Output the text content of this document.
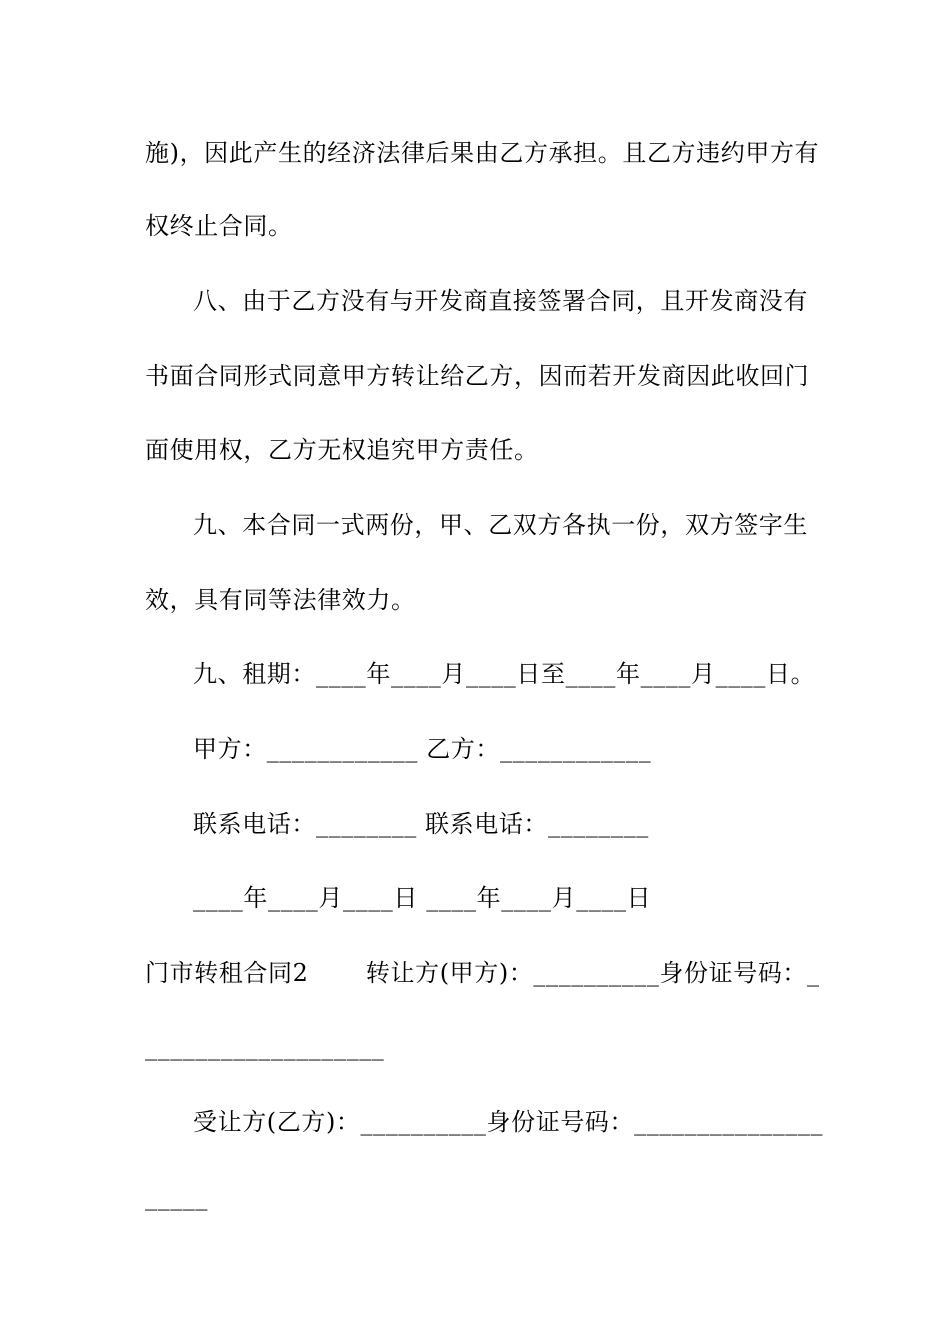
施)，因此产生的经济法律后果由乙方承担。且乙方违约甲方有
权终止合同。
八、由于乙方没有与开发商直接签署合同，且开发商没有
书面合同形式同意甲方转让给乙方，因而若开发商因此收回门
面使用权，乙方无权追究甲方责任。
九、本合同一式两份，甲、乙双方各执一份，双方签字生
效，具有同等法律效力。
九、租期：____年____月____日至____年____月____日。
甲方：____________ 乙方：____________
联系电话：________ 联系电话：________
____年____月____日 ____年____月____日
门市转租合同2　　 转让方(甲方)：__________身份证号码：_
___________________
受让方(乙方)：__________身份证号码：_______________
_____
